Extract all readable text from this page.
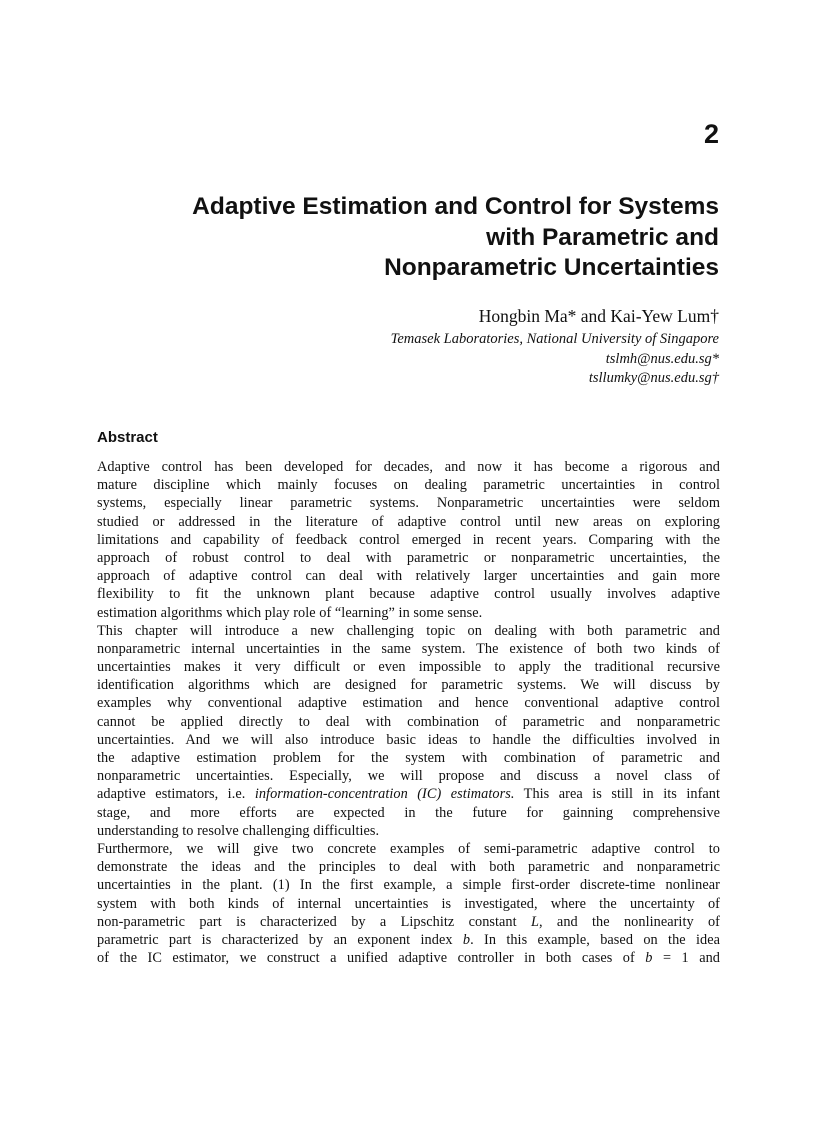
2
Adaptive Estimation and Control for Systems
with Parametric and
Nonparametric Uncertainties
Hongbin Ma* and Kai-Yew Lum†
Temasek Laboratories, National University of Singapore
tslmh@nus.edu.sg*
tsllumky@nus.edu.sg†
Abstract
Adaptive control has been developed for decades, and now it has become a rigorous and
mature discipline which mainly focuses on dealing parametric uncertainties in control
systems, especially linear parametric systems. Nonparametric uncertainties were seldom
studied or addressed in the literature of adaptive control until new areas on exploring
limitations and capability of feedback control emerged in recent years. Comparing with the
approach of robust control to deal with parametric or nonparametric uncertainties, the
approach of adaptive control can deal with relatively larger uncertainties and gain more
flexibility to fit the unknown plant because adaptive control usually involves adaptive
estimation algorithms which play role of “learning” in some sense.
This chapter will introduce a new challenging topic on dealing with both parametric and
nonparametric internal uncertainties in the same system. The existence of both two kinds of
uncertainties makes it very difficult or even impossible to apply the traditional recursive
identification algorithms which are designed for parametric systems. We will discuss by
examples why conventional adaptive estimation and hence conventional adaptive control
cannot be applied directly to deal with combination of parametric and nonparametric
uncertainties. And we will also introduce basic ideas to handle the difficulties involved in
the adaptive estimation problem for the system with combination of parametric and
nonparametric uncertainties. Especially, we will propose and discuss a novel class of
adaptive estimators, i.e. information-concentration (IC) estimators. This area is still in its infant
stage, and more efforts are expected in the future for gainning comprehensive
understanding to resolve challenging difficulties.
Furthermore, we will give two concrete examples of semi-parametric adaptive control to
demonstrate the ideas and the principles to deal with both parametric and nonparametric
uncertainties in the plant. (1) In the first example, a simple first-order discrete-time nonlinear
system with both kinds of internal uncertainties is investigated, where the uncertainty of
non-parametric part is characterized by a Lipschitz constant L, and the nonlinearity of
parametric part is characterized by an exponent index b. In this example, based on the idea
of the IC estimator, we construct a unified adaptive controller in both cases of b = 1 and
